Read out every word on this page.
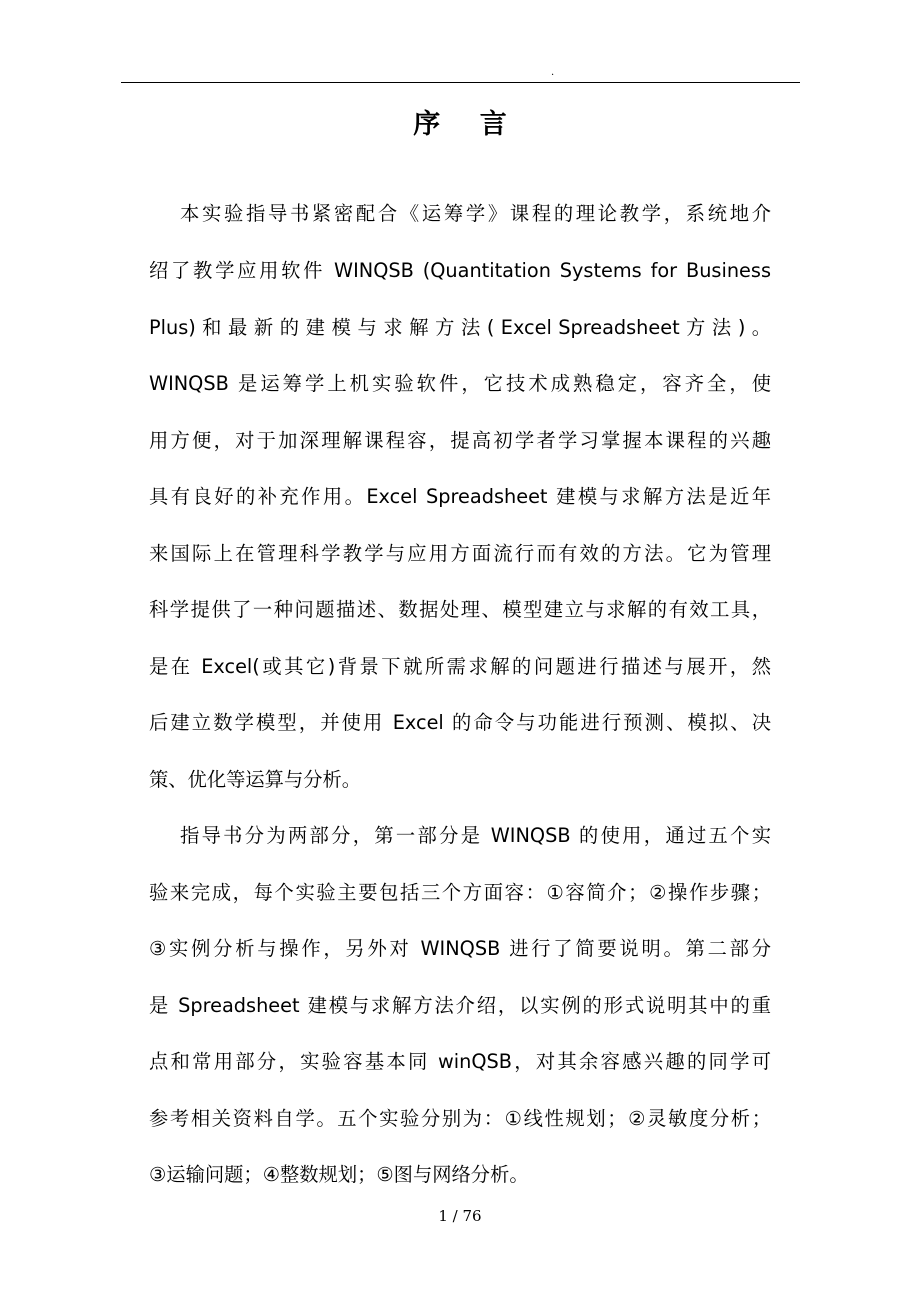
.
序 言
本实验指导书紧密配合《运筹学》课程的理论教学，系统地介
绍了教学应用软件 WINQSB (Quantitation Systems for Business
Plus) 和 最 新 的 建 模 与 求 解 方 法 ( Excel Spreadsheet 方 法 ) 。
WINQSB 是运筹学上机实验软件，它技术成熟稳定，容齐全，使
用方便，对于加深理解课程容，提高初学者学习掌握本课程的兴趣
具有良好的补充作用。Excel Spreadsheet 建模与求解方法是近年
来国际上在管理科学教学与应用方面流行而有效的方法。它为管理
科学提供了一种问题描述、数据处理、模型建立与求解的有效工具，
是在 Excel(或其它)背景下就所需求解的问题进行描述与展开，然
后建立数学模型，并使用 Excel 的命令与功能进行预测、模拟、决
策、优化等运算与分析。
指导书分为两部分，第一部分是 WINQSB 的使用，通过五个实
验来完成，每个实验主要包括三个方面容：①容简介；②操作步骤；
③实例分析与操作，另外对 WINQSB 进行了简要说明。第二部分
是 Spreadsheet 建模与求解方法介绍，以实例的形式说明其中的重
点和常用部分，实验容基本同 winQSB，对其余容感兴趣的同学可
参考相关资料自学。五个实验分别为：①线性规划；②灵敏度分析；
③运输问题；④整数规划；⑤图与网络分析。
1 / 76
